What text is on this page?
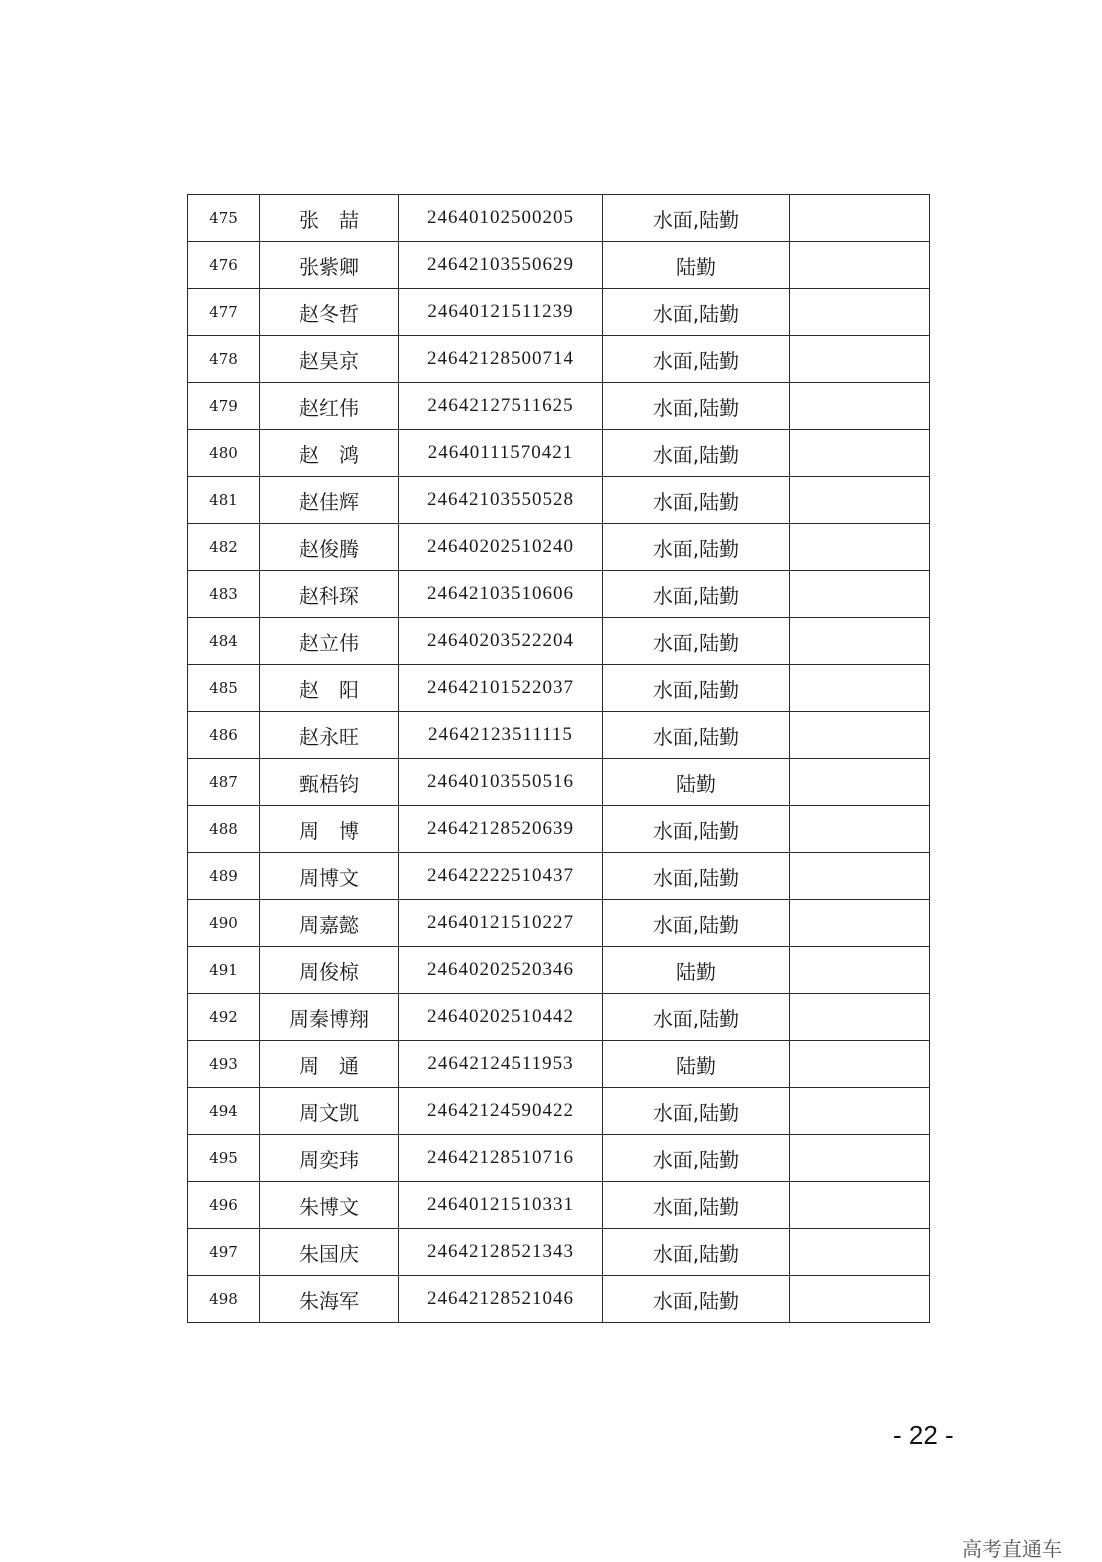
475	张　喆	24640102500205	水面,陆勤	
476	张紫卿	24642103550629	陆勤	
477	赵冬哲	24640121511239	水面,陆勤	
478	赵昊京	24642128500714	水面,陆勤	
479	赵红伟	24642127511625	水面,陆勤	
480	赵　鸿	24640111570421	水面,陆勤	
481	赵佳辉	24642103550528	水面,陆勤	
482	赵俊腾	24640202510240	水面,陆勤	
483	赵科琛	24642103510606	水面,陆勤	
484	赵立伟	24640203522204	水面,陆勤	
485	赵　阳	24642101522037	水面,陆勤	
486	赵永旺	24642123511115	水面,陆勤	
487	甄梧钧	24640103550516	陆勤	
488	周　博	24642128520639	水面,陆勤	
489	周博文	24642222510437	水面,陆勤	
490	周嘉懿	24640121510227	水面,陆勤	
491	周俊椋	24640202520346	陆勤	
492	周秦博翔	24640202510442	水面,陆勤	
493	周　通	24642124511953	陆勤	
494	周文凯	24642124590422	水面,陆勤	
495	周奕玮	24642128510716	水面,陆勤	
496	朱博文	24640121510331	水面,陆勤	
497	朱国庆	24642128521343	水面,陆勤	
498	朱海军	24642128521046	水面,陆勤	
- 22 -
高考直通车
